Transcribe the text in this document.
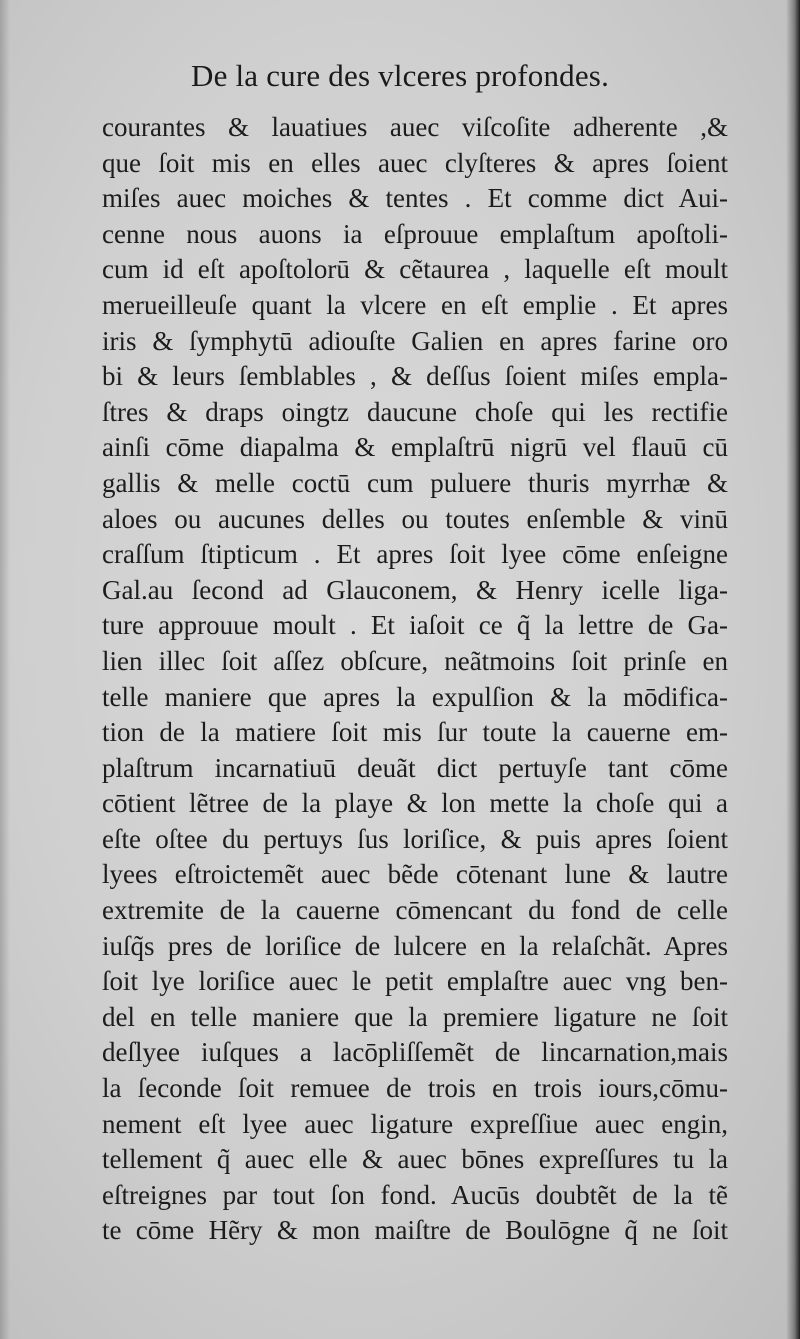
De la cure des vlceres profondes.
courantes & lauatiues auec viſcoſite adherente ,&
que ſoit mis en elles auec clyſteres & apres ſoient
miſes auec moiches & tentes . Et comme dict Aui-
cenne nous auons ia eſprouue emplaſtum apoſtoli-
cum id eſt apoſtolorū & cẽtaurea , laquelle eſt moult
merueilleuſe quant la vlcere en eſt emplie . Et apres
iris & ſymphytū adiouſte Galien en apres farine oro
bi & leurs ſemblables , & deſſus ſoient miſes empla-
ſtres & draps oingtz daucune choſe qui les rectifie
ainſi cōme diapalma & emplaſtrū nigrū vel flauū cū
gallis & melle coctū cum puluere thuris myrrhæ &
aloes ou aucunes delles ou toutes enſemble & vinū
craſſum ſtipticum . Et apres ſoit lyee cōme enſeigne
Gal.au ſecond ad Glauconem, & Henry icelle liga-
ture approuue moult . Et iaſoit ce q̃ la lettre de Ga-
lien illec ſoit aſſez obſcure, neãtmoins ſoit prinſe en
telle maniere que apres la expulſion & la mōdifica-
tion de la matiere ſoit mis ſur toute la cauerne em-
plaſtrum incarnatiuū deuãt dict pertuyſe tant cōme
cōtient lẽtree de la playe & lon mette la choſe qui a
eſte oſtee du pertuys ſus loriſice, & puis apres ſoient
lyees eſtroictemẽt auec bẽde cōtenant lune & lautre
extremite de la cauerne cōmencant du fond de celle
iuſq̃s pres de loriſice de lulcere en la relaſchãt. Apres
ſoit lye loriſice auec le petit emplaſtre auec vng ben-
del en telle maniere que la premiere ligature ne ſoit
deſlyee iuſques a lacōpliſſemẽt de lincarnation,mais
la ſeconde ſoit remuee de trois en trois iours,cōmu-
nement eſt lyee auec ligature expreſſiue auec engin,
tellement q̃ auec elle & auec bōnes expreſſures tu la
eſtreignes par tout ſon fond. Aucūs doubtẽt de la tẽ
te cōme Hẽry & mon maiſtre de Boulōgne q̃ ne ſoit
